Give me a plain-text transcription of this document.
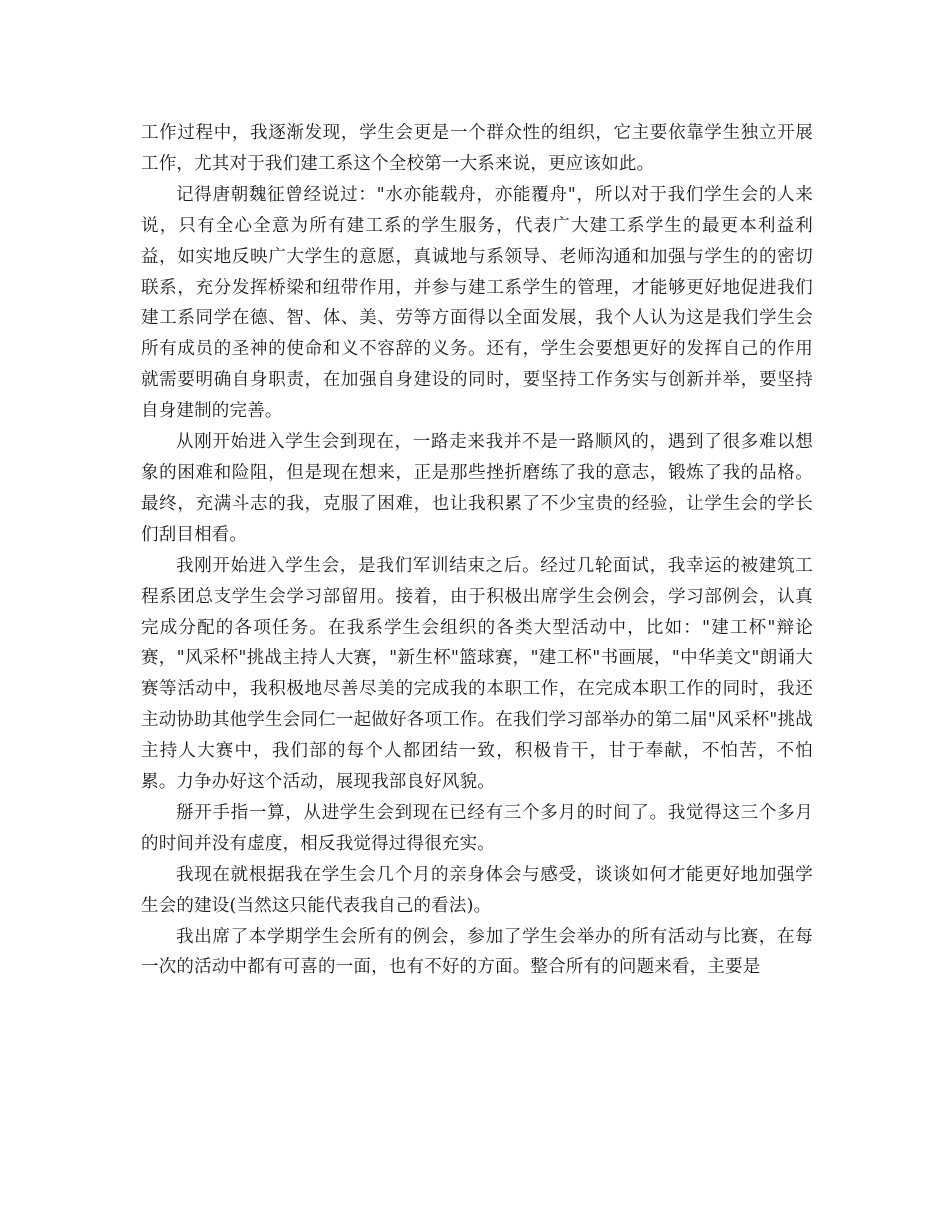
工作过程中，我逐渐发现，学生会更是一个群众性的组织，它主要依靠学生独立开展工作，尤其对于我们建工系这个全校第一大系来说，更应该如此。

记得唐朝魏征曾经说过："水亦能载舟，亦能覆舟"，所以对于我们学生会的人来说，只有全心全意为所有建工系的学生服务，代表广大建工系学生的最更本利益利益，如实地反映广大学生的意愿，真诚地与系领导、老师沟通和加强与学生的的密切联系，充分发挥桥梁和纽带作用，并参与建工系学生的管理，才能够更好地促进我们建工系同学在德、智、体、美、劳等方面得以全面发展，我个人认为这是我们学生会所有成员的圣神的使命和义不容辞的义务。还有，学生会要想更好的发挥自己的作用就需要明确自身职责，在加强自身建设的同时，要坚持工作务实与创新并举，要坚持自身建制的完善。

从刚开始进入学生会到现在，一路走来我并不是一路顺风的，遇到了很多难以想象的困难和险阻，但是现在想来，正是那些挫折磨练了我的意志，锻炼了我的品格。最终，充满斗志的我，克服了困难，也让我积累了不少宝贵的经验，让学生会的学长们刮目相看。

我刚开始进入学生会，是我们军训结束之后。经过几轮面试，我幸运的被建筑工程系团总支学生会学习部留用。接着，由于积极出席学生会例会，学习部例会，认真完成分配的各项任务。在我系学生会组织的各类大型活动中，比如："建工杯"辩论赛，"风采杯"挑战主持人大赛，"新生杯"篮球赛，"建工杯"书画展，"中华美文"朗诵大赛等活动中，我积极地尽善尽美的完成我的本职工作，在完成本职工作的同时，我还主动协助其他学生会同仁一起做好各项工作。在我们学习部举办的第二届"风采杯"挑战主持人大赛中，我们部的每个人都团结一致，积极肯干，甘于奉献，不怕苦，不怕累。力争办好这个活动，展现我部良好风貌。

掰开手指一算，从进学生会到现在已经有三个多月的时间了。我觉得这三个多月的时间并没有虚度，相反我觉得过得很充实。

我现在就根据我在学生会几个月的亲身体会与感受，谈谈如何才能更好地加强学生会的建设(当然这只能代表我自己的看法)。

我出席了本学期学生会所有的例会，参加了学生会举办的所有活动与比赛，在每一次的活动中都有可喜的一面，也有不好的方面。整合所有的问题来看，主要是
